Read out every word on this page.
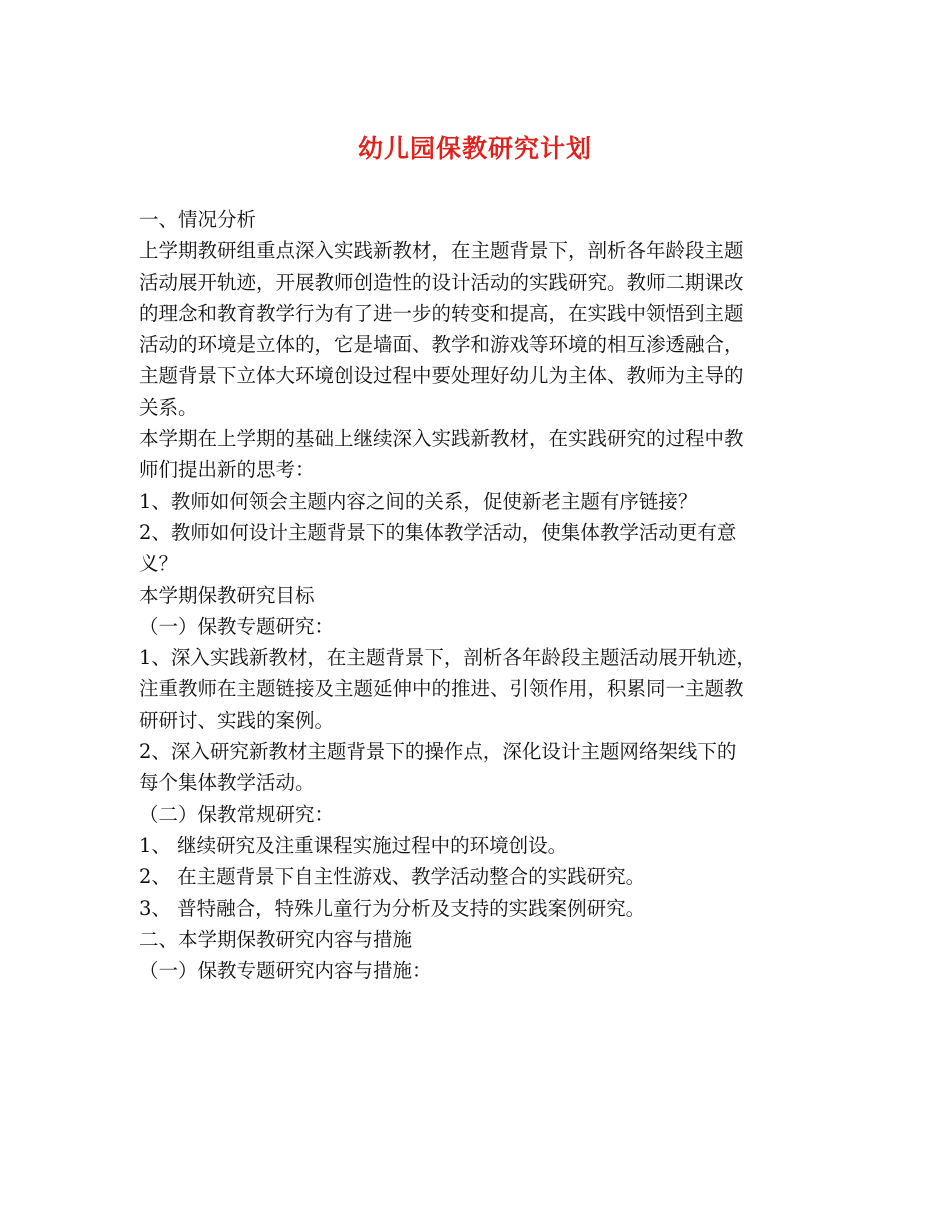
幼儿园保教研究计划

一、情况分析

上学期教研组重点深入实践新教材，在主题背景下，剖析各年龄段主题

活动展开轨迹，开展教师创造性的设计活动的实践研究。教师二期课改

的理念和教育教学行为有了进一步的转变和提高，在实践中领悟到主题

活动的环境是立体的，它是墙面、教学和游戏等环境的相互渗透融合，

主题背景下立体大环境创设过程中要处理好幼儿为主体、教师为主导的

关系。

本学期在上学期的基础上继续深入实践新教材，在实践研究的过程中教

师们提出新的思考：

1、教师如何领会主题内容之间的关系，促使新老主题有序链接？

2、教师如何设计主题背景下的集体教学活动，使集体教学活动更有意

义？

本学期保教研究目标

（一）保教专题研究：

1、深入实践新教材，在主题背景下，剖析各年龄段主题活动展开轨迹，

注重教师在主题链接及主题延伸中的推进、引领作用，积累同一主题教

研研讨、实践的案例。

2、深入研究新教材主题背景下的操作点，深化设计主题网络架线下的

每个集体教学活动。

（二）保教常规研究：

1、 继续研究及注重课程实施过程中的环境创设。

2、 在主题背景下自主性游戏、教学活动整合的实践研究。

3、 普特融合，特殊儿童行为分析及支持的实践案例研究。

二、本学期保教研究内容与措施

（一）保教专题研究内容与措施：
